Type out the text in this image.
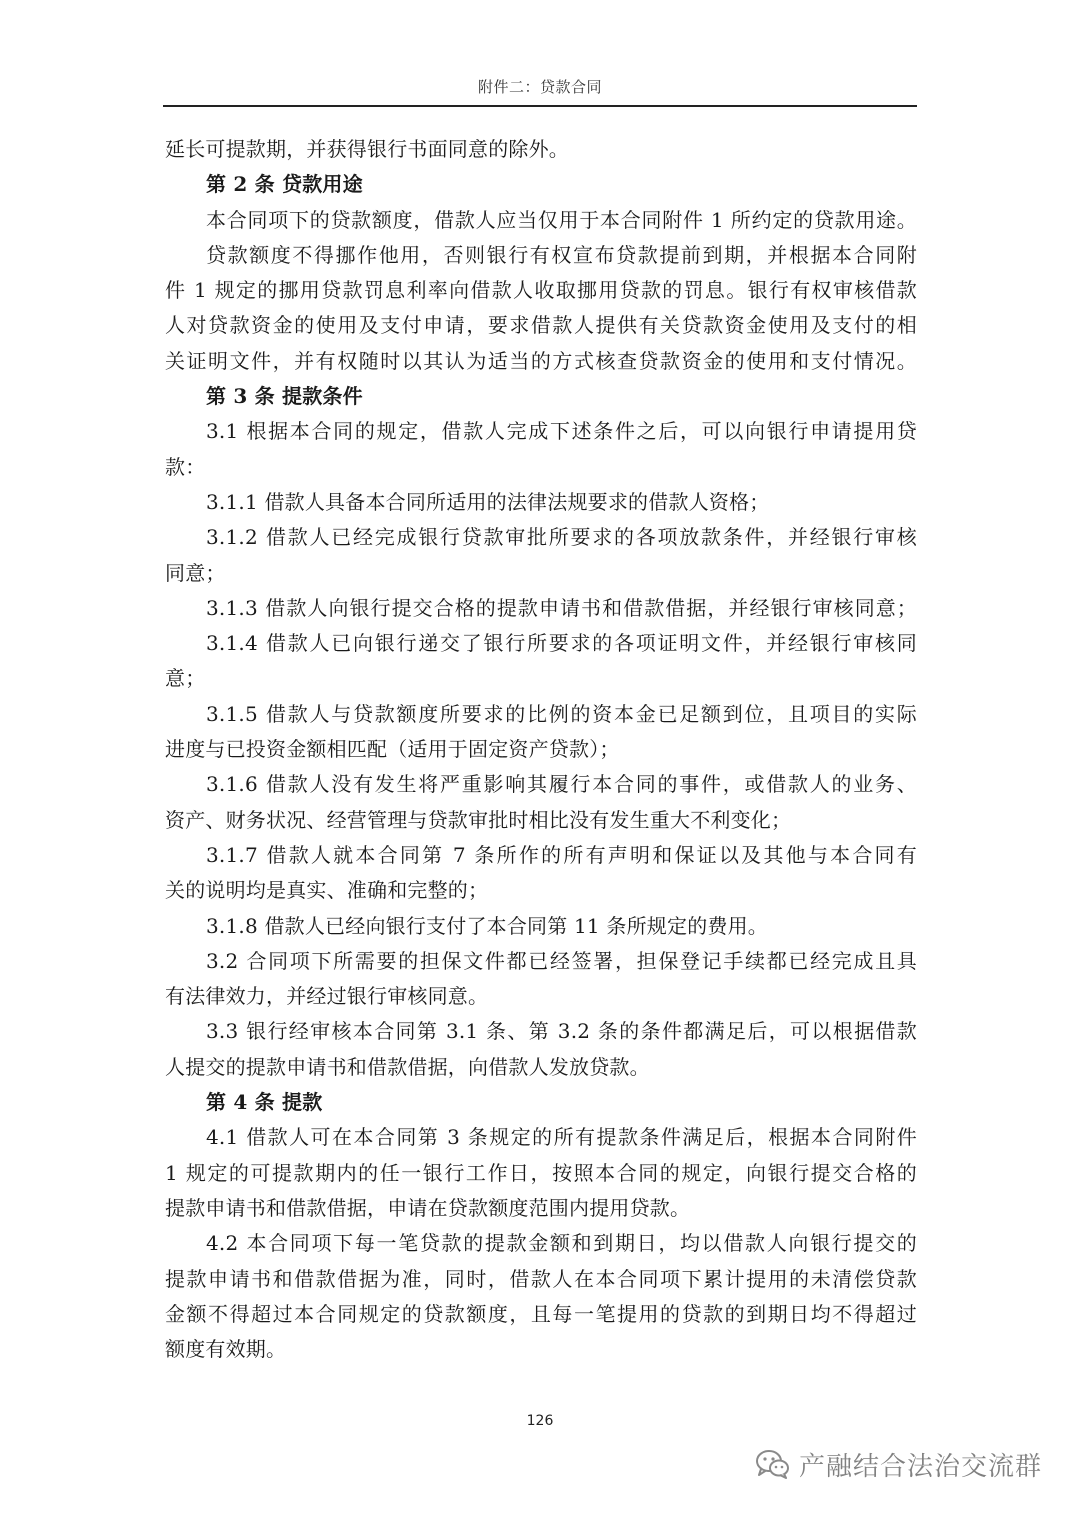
附件二：贷款合同
延长可提款期，并获得银行书面同意的除外。
第 2 条 贷款用途
本合同项下的贷款额度，借款人应当仅用于本合同附件 1 所约定的贷款用途。
贷款额度不得挪作他用，否则银行有权宣布贷款提前到期，并根据本合同附
件 1 规定的挪用贷款罚息利率向借款人收取挪用贷款的罚息。银行有权审核借款
人对贷款资金的使用及支付申请，要求借款人提供有关贷款资金使用及支付的相
关证明文件，并有权随时以其认为适当的方式核查贷款资金的使用和支付情况。
第 3 条 提款条件
3.1 根据本合同的规定，借款人完成下述条件之后，可以向银行申请提用贷
款：
3.1.1 借款人具备本合同所适用的法律法规要求的借款人资格；
3.1.2 借款人已经完成银行贷款审批所要求的各项放款条件，并经银行审核
同意；
3.1.3 借款人向银行提交合格的提款申请书和借款借据，并经银行审核同意；
3.1.4 借款人已向银行递交了银行所要求的各项证明文件，并经银行审核同
意；
3.1.5 借款人与贷款额度所要求的比例的资本金已足额到位，且项目的实际
进度与已投资金额相匹配（适用于固定资产贷款）；
3.1.6 借款人没有发生将严重影响其履行本合同的事件，或借款人的业务、
资产、财务状况、经营管理与贷款审批时相比没有发生重大不利变化；
3.1.7 借款人就本合同第 7 条所作的所有声明和保证以及其他与本合同有
关的说明均是真实、准确和完整的；
3.1.8 借款人已经向银行支付了本合同第 11 条所规定的费用。
3.2 合同项下所需要的担保文件都已经签署，担保登记手续都已经完成且具
有法律效力，并经过银行审核同意。
3.3 银行经审核本合同第 3.1 条、第 3.2 条的条件都满足后，可以根据借款
人提交的提款申请书和借款借据，向借款人发放贷款。
第 4 条 提款
4.1 借款人可在本合同第 3 条规定的所有提款条件满足后，根据本合同附件
1 规定的可提款期内的任一银行工作日，按照本合同的规定，向银行提交合格的
提款申请书和借款借据，申请在贷款额度范围内提用贷款。
4.2 本合同项下每一笔贷款的提款金额和到期日，均以借款人向银行提交的
提款申请书和借款借据为准，同时，借款人在本合同项下累计提用的未清偿贷款
金额不得超过本合同规定的贷款额度，且每一笔提用的贷款的到期日均不得超过
额度有效期。
126
产融结合法治交流群
